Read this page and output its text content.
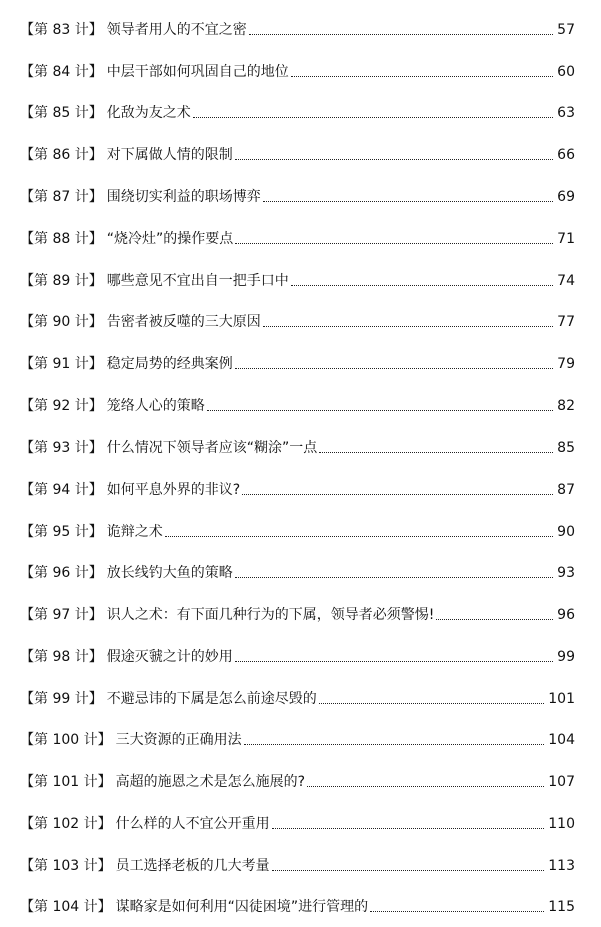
【第 83 计】 领导者用人的不宜之密	57
【第 84 计】 中层干部如何巩固自己的地位	60
【第 85 计】 化敌为友之术	63
【第 86 计】 对下属做人情的限制	66
【第 87 计】 围绕切实利益的职场博弈	69
【第 88 计】 “烧冷灶”的操作要点	71
【第 89 计】 哪些意见不宜出自一把手口中	74
【第 90 计】 告密者被反噬的三大原因	77
【第 91 计】 稳定局势的经典案例	79
【第 92 计】 笼络人心的策略	82
【第 93 计】 什么情况下领导者应该“糊涂”一点	85
【第 94 计】 如何平息外界的非议?	87
【第 95 计】 诡辩之术	90
【第 96 计】 放长线钓大鱼的策略	93
【第 97 计】 识人之术：有下面几种行为的下属，领导者必须警惕!	96
【第 98 计】 假途灭虢之计的妙用	99
【第 99 计】 不避忌讳的下属是怎么前途尽毁的	101
【第 100 计】 三大资源的正确用法	104
【第 101 计】 高超的施恩之术是怎么施展的?	107
【第 102 计】 什么样的人不宜公开重用	110
【第 103 计】 员工选择老板的几大考量	113
【第 104 计】 谋略家是如何利用“囚徒困境”进行管理的	115
